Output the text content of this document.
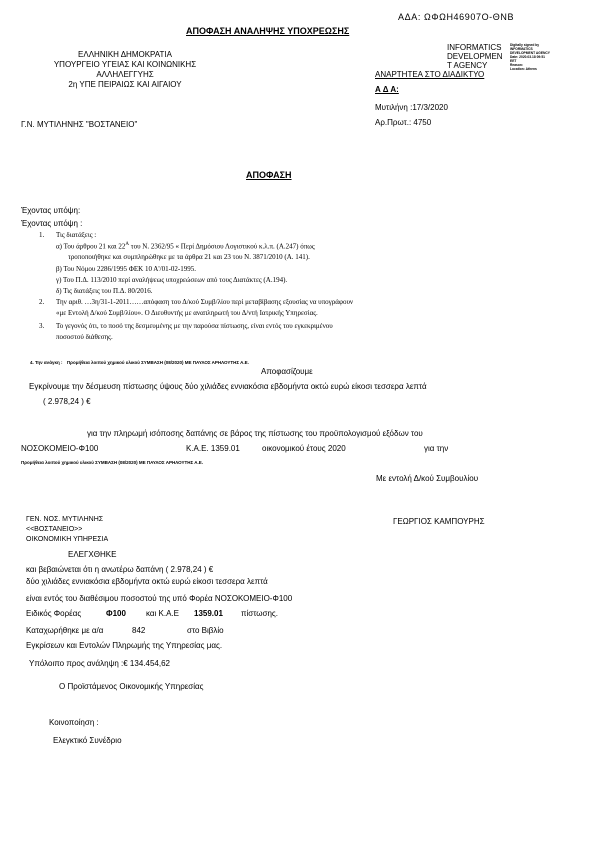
ΑΔΑ: ΩΦΩΗ46907Ο-ΘΝΒ
ΑΠΟΦΑΣΗ ΑΝΑΛΗΨΗΣ ΥΠΟΧΡΕΩΣΗΣ
ΕΛΛΗΝΙΚΗ ΔΗΜΟΚΡΑΤΙΑ
ΥΠΟΥΡΓΕΙΟ ΥΓΕΙΑΣ ΚΑΙ ΚΟΙΝΩΝΙΚΗΣ
ΑΛΛΗΛΕΓΓΥΗΣ
2η ΥΠΕ ΠΕΙΡΑΙΩΣ ΚΑΙ ΑΙΓΑΙΟΥ
Γ.Ν. ΜΥΤΙΛΗΝΗΣ "ΒΟΣΤΑΝΕΙΟ"
INFORMATICS
DEVELOPMEN
T AGENCY
Digitally signed by
INFORMATICS
DEVELOPMENT AGENCY
Date: 2020.03.18 09:51
EET
Reason:
Location: Athens
ΑΝΑΡΤΗΤΕΑ ΣΤΟ ΔΙΑΔΙΚΤΥΟ
Α Δ Α:
Μυτιλήνη :17/3/2020
Αρ.Πρωτ.: 4750
ΑΠΟΦΑΣΗ
Έχοντας υπόψη:
Έχοντας υπόψη :
1. Τις διατάξεις :
α) Του άρθρου 21 και $22^A$ του Ν. 2362/95 « Περί Δημόσιου Λογιστικού κ.λ.π. (Α.247) όπως
τροποποιήθηκε και συμπληρώθηκε με τα άρθρα 21 και 23 του Ν. 3871/2010 (Α. 141).
β) Του Νόμου 2286/1995 ΦΕΚ 10 Α'/01-02-1995.
γ) Του Π.Δ. 113/2010 περί αναλήψεως υποχρεώσεων από τους Διατάκτες (Α.194).
δ) Τις διατάξεις του Π.Δ. 80/2016.
2. Την αριθ. …3η/31-1-2011……απόφαση του Δ/κού Συμβ/λίου περί μεταβίβασης εξουσίας να υπογράφουν
«με Εντολή Δ/κού Συμβ/λίου». Ο Διευθυντής με αναπληρωτή του Δ/ντή Ιατρικής Υπηρεσίας.
3. Το γεγονός ότι, το ποσό της δεσμευμένης με την παρούσα πίστωσης, είναι εντός του εγκεκριμένου
ποσοστού διάθεσης.
4. Την ανάγκη : Προμήθεια λοιπού χημικού υλικού ΣΥΜΒΑΣΗ (08/2020) ΜΕ ΠΑΥΛΟΣ ΑΡΗΛΟΥΤΗΣ Α.Ε.
Αποφασίζουμε
Εγκρίνουμε την δέσμευση πίστωσης ύψους δύο χιλιάδες εννιακόσια εβδομήντα οκτώ ευρώ είκοσι τεσσερα λεπτά
( 2.978,24 ) €
για την πληρωμή ισόποσης δαπάνης σε βάρος της πίστωσης του προϋπολογισμού εξόδων του
ΝΟΣΟΚΟΜΕΙΟ-Φ100	Κ.Α.Ε. 1359.01	οικονομικού έτους 2020	για την
Προμήθεια λοιπού χημικού υλικού ΣΥΜΒΑΣΗ (08/2020) ΜΕ ΠΑΥΛΟΣ ΑΡΗΛΟΥΤΗΣ Α.Ε.
Με εντολή Δ/κού Συμβουλίου
ΓΕΩΡΓΙΟΣ ΚΑΜΠΟΥΡΗΣ
ΓΕΝ. ΝΟΣ. ΜΥΤΙΛΗΝΗΣ
<<ΒΟΣΤΑΝΕΙΟ>>
ΟΙΚΟΝΟΜΙΚΗ ΥΠΗΡΕΣΙΑ
ΕΛΕΓΧΘΗΚΕ
και βεβαιώνεται ότι η ανωτέρω δαπάνη ( 2.978,24 ) €
δύο χιλιάδες εννιακόσια εβδομήντα οκτώ ευρώ είκοσι τεσσερα λεπτά
είναι εντός του διαθέσιμου ποσοστού της υπό Φορέα ΝΟΣΟΚΟΜΕΙΟ-Φ100
Ειδικός Φορέας	Φ100	και Κ.Α.Ε 1359.01 πίστωσης.
Καταχωρήθηκε με α/α	842	στο Βιβλίο
Εγκρίσεων και Εντολών Πληρωμής της Υπηρεσίας μας.
Υπόλοιπο προς ανάληψη :€ 134.454,62
Ο Προϊστάμενος Οικονομικής Υπηρεσίας
Κοινοποίηση :
Ελεγκτικό Συνέδριο
